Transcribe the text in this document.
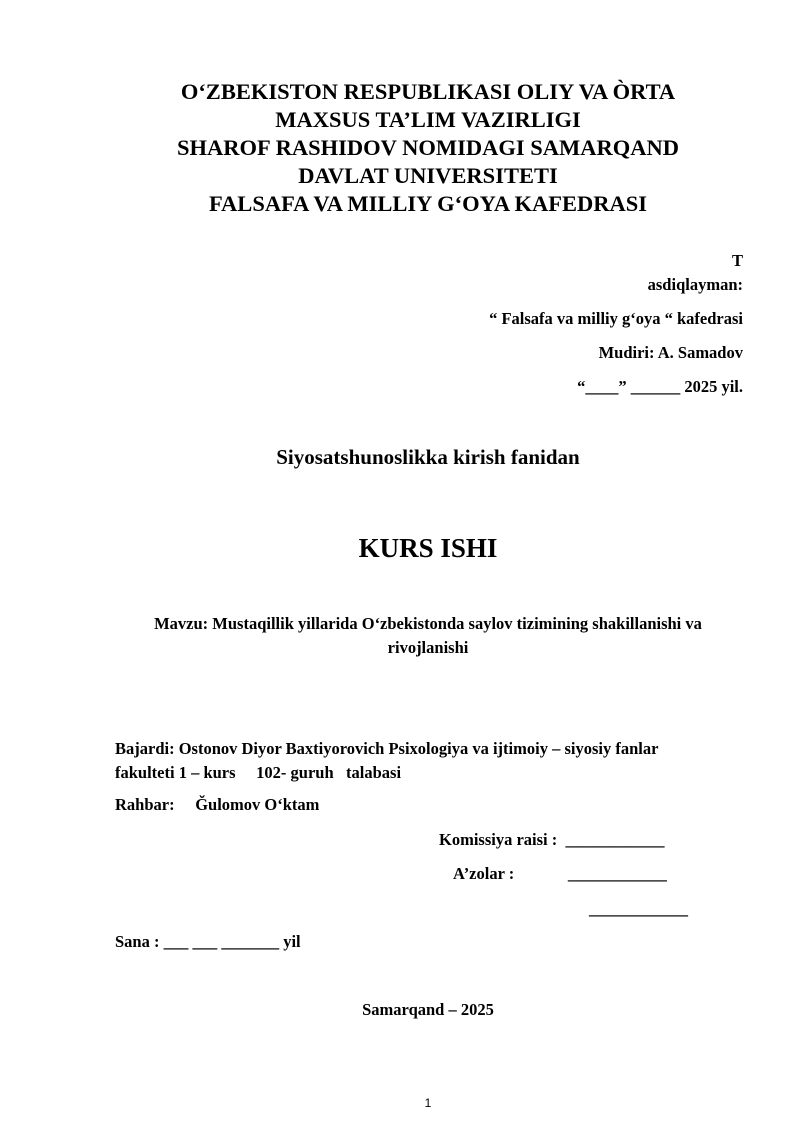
O‘ZBEKISTON RESPUBLIKASI OLIY VA ÒRTA
MAXSUS TA’LIM VAZIRLIGI
SHAROF RASHIDOV NOMIDAGI SAMARQAND
DAVLAT UNIVERSITETI
FALSAFA VA MILLIY G‘OYA KAFEDRASI
T
asdiqlayman:
“ Falsafa va milliy g‘oya “ kafedrasi
Mudiri: A. Samadov
“____” ______ 2025 yil.
Siyosatshunoslikka kirish fanidan
KURS ISHI
Mavzu: Mustaqillik yillarida O‘zbekistonda saylov tizimining shakillanishi va
rivojlanishi
Bajardi: Ostonov Diyor Baxtiyorovich Psixologiya va ijtimoiy – siyosiy fanlar
fakulteti 1 – kurs     102- guruh   talabasi
Rahbar:     Ğulomov O‘ktam
Komissiya raisi :  ____________
A’zolar :             ____________
____________
Sana : ___ ___ _______ yil
Samarqand – 2025
1
